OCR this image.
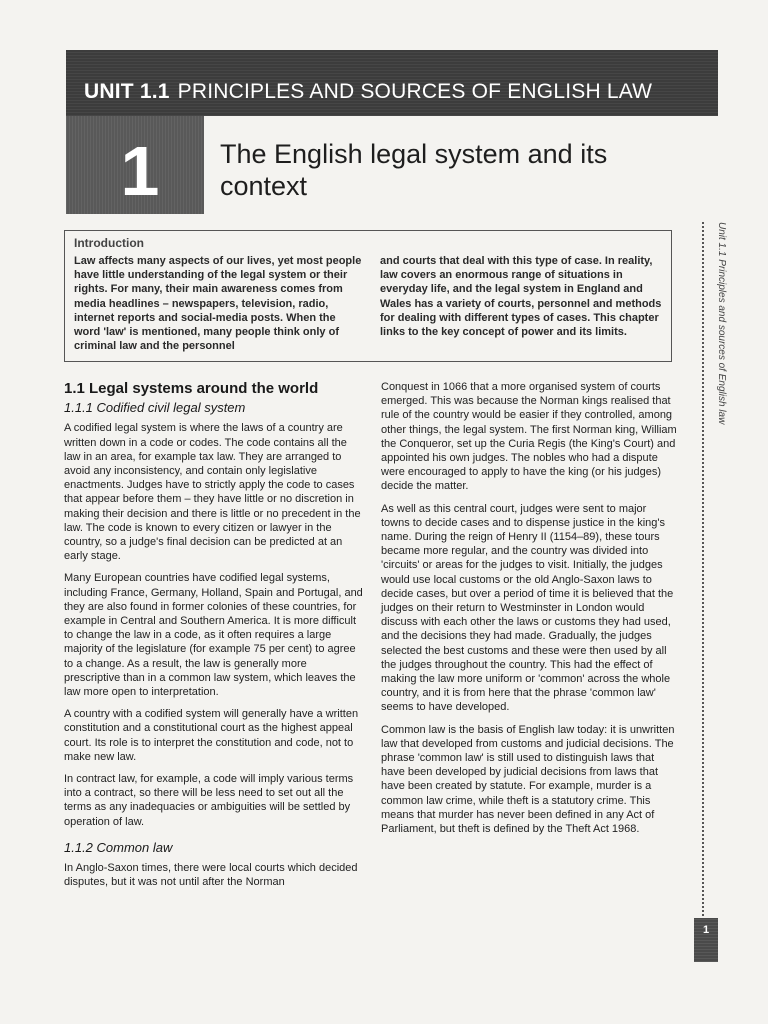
UNIT 1.1 PRINCIPLES AND SOURCES OF ENGLISH LAW
1	The English legal system and its context
Introduction
Law affects many aspects of our lives, yet most people have little understanding of the legal system or their rights. For many, their main awareness comes from media headlines – newspapers, television, radio, internet reports and social-media posts. When the word 'law' is mentioned, many people think only of criminal law and the personnel
and courts that deal with this type of case. In reality, law covers an enormous range of situations in everyday life, and the legal system in England and Wales has a variety of courts, personnel and methods for dealing with different types of cases. This chapter links to the key concept of power and its limits.
1.1 Legal systems around the world
1.1.1 Codified civil legal system

A codified legal system is where the laws of a country are written down in a code or codes. The code contains all the law in an area, for example tax law. They are arranged to avoid any inconsistency, and contain only legislative enactments. Judges have to strictly apply the code to cases that appear before them – they have little or no discretion in making their decision and there is little or no precedent in the law. The code is known to every citizen or lawyer in the country, so a judge's final decision can be predicted at an early stage.

Many European countries have codified legal systems, including France, Germany, Holland, Spain and Portugal, and they are also found in former colonies of these countries, for example in Central and Southern America. It is more difficult to change the law in a code, as it often requires a large majority of the legislature (for example 75 per cent) to agree to a change. As a result, the law is generally more prescriptive than in a common law system, which leaves the law more open to interpretation.

A country with a codified system will generally have a written constitution and a constitutional court as the highest appeal court. Its role is to interpret the constitution and code, not to make new law.

In contract law, for example, a code will imply various terms into a contract, so there will be less need to set out all the terms as any inadequacies or ambiguities will be settled by operation of law.

1.1.2 Common law

In Anglo-Saxon times, there were local courts which decided disputes, but it was not until after the Norman

Conquest in 1066 that a more organised system of courts emerged. This was because the Norman kings realised that rule of the country would be easier if they controlled, among other things, the legal system. The first Norman king, William the Conqueror, set up the Curia Regis (the King's Court) and appointed his own judges. The nobles who had a dispute were encouraged to apply to have the king (or his judges) decide the matter.

As well as this central court, judges were sent to major towns to decide cases and to dispense justice in the king's name. During the reign of Henry II (1154–89), these tours became more regular, and the country was divided into 'circuits' or areas for the judges to visit. Initially, the judges would use local customs or the old Anglo-Saxon laws to decide cases, but over a period of time it is believed that the judges on their return to Westminster in London would discuss with each other the laws or customs they had used, and the decisions they had made. Gradually, the judges selected the best customs and these were then used by all the judges throughout the country. This had the effect of making the law more uniform or 'common' across the whole country, and it is from here that the phrase 'common law' seems to have developed.

Common law is the basis of English law today: it is unwritten law that developed from customs and judicial decisions. The phrase 'common law' is still used to distinguish laws that have been developed by judicial decisions from laws that have been created by statute. For example, murder is a common law crime, while theft is a statutory crime. This means that murder has never been defined in any Act of Parliament, but theft is defined by the Theft Act 1968.

Unit 1.1 Principles and sources of English law
1
